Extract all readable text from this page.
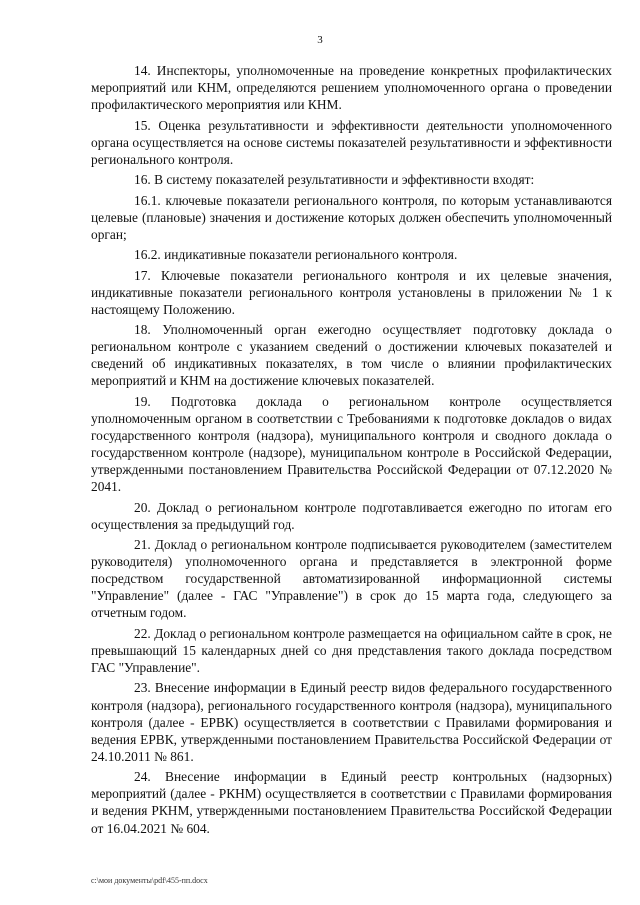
3

14. Инспекторы, уполномоченные на проведение конкретных профилактических мероприятий или КНМ, определяются решением уполномоченного органа о проведении профилактического мероприятия или КНМ.

15. Оценка результативности и эффективности деятельности уполномоченного органа осуществляется на основе системы показателей результативности и эффективности регионального контроля.

16. В систему показателей результативности и эффективности входят:

16.1. ключевые показатели регионального контроля, по которым устанавливаются целевые (плановые) значения и достижение которых должен обеспечить уполномоченный орган;

16.2. индикативные показатели регионального контроля.

17. Ключевые показатели регионального контроля и их целевые значения, индикативные показатели регионального контроля установлены в приложении № 1 к настоящему Положению.

18. Уполномоченный орган ежегодно осуществляет подготовку доклада о региональном контроле с указанием сведений о достижении ключевых показателей и сведений об индикативных показателях, в том числе о влиянии профилактических мероприятий и КНМ на достижение ключевых показателей.

19. Подготовка доклада о региональном контроле осуществляется уполномоченным органом в соответствии с Требованиями к подготовке докладов о видах государственного контроля (надзора), муниципального контроля и сводного доклада о государственном контроле (надзоре), муниципальном контроле в Российской Федерации, утвержденными постановлением Правительства Российской Федерации от 07.12.2020 № 2041.

20. Доклад о региональном контроле подготавливается ежегодно по итогам его осуществления за предыдущий год.

21. Доклад о региональном контроле подписывается руководителем (заместителем руководителя) уполномоченного органа и представляется в электронной форме посредством государственной автоматизированной информационной системы "Управление" (далее - ГАС "Управление") в срок до 15 марта года, следующего за отчетным годом.

22. Доклад о региональном контроле размещается на официальном сайте в срок, не превышающий 15 календарных дней со дня представления такого доклада посредством ГАС "Управление".

23. Внесение информации в Единый реестр видов федерального государственного контроля (надзора), регионального государственного контроля (надзора), муниципального контроля (далее - ЕРВК) осуществляется в соответствии с Правилами формирования и ведения ЕРВК, утвержденными постановлением Правительства Российской Федерации от 24.10.2011 № 861.

24. Внесение информации в Единый реестр контрольных (надзорных) мероприятий (далее - РКНМ) осуществляется в соответствии с Правилами формирования и ведения РКНМ, утвержденными постановлением Правительства Российской Федерации от 16.04.2021 № 604.

c:\мои документы\pdf\455-пп.docx
